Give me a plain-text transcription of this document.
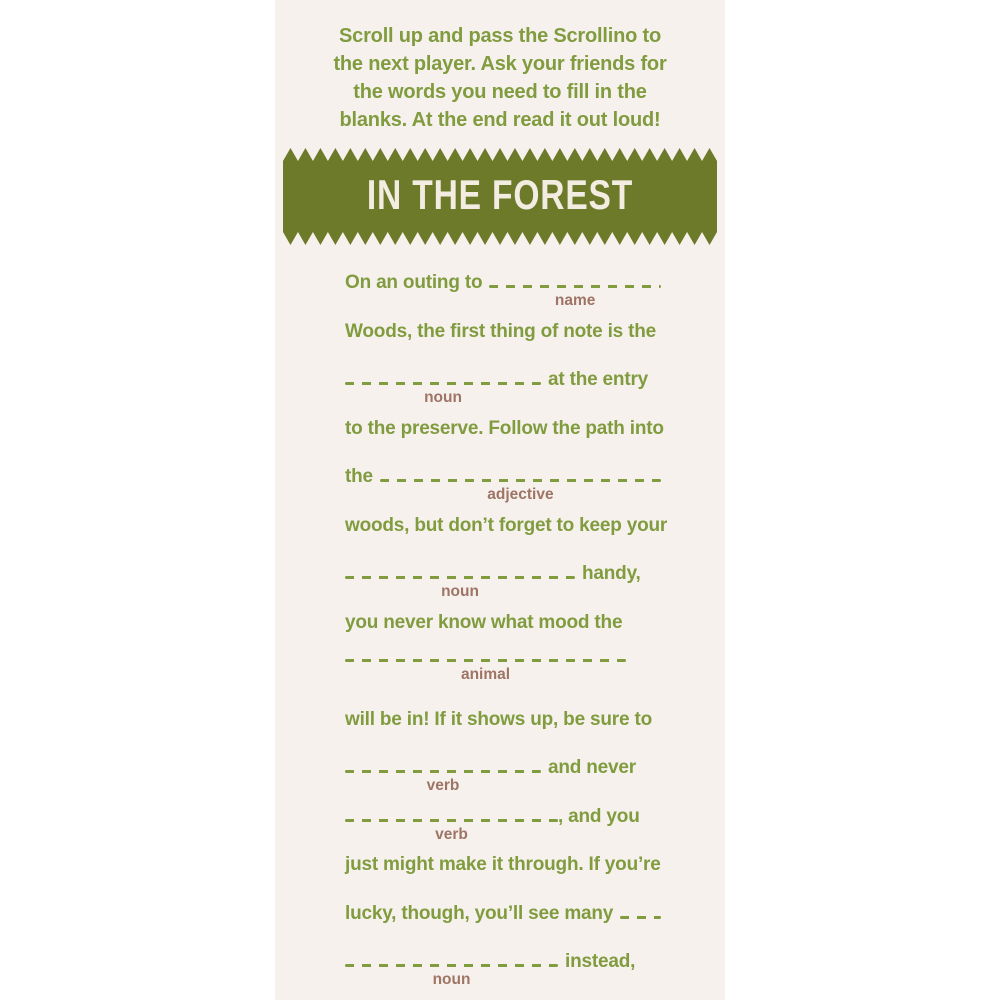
Scroll up and pass the Scrollino to
the next player. Ask your friends for
the words you need to fill in the
blanks. At the end read it out loud!
IN THE FOREST
On an outing to
name
Woods, the first thing of note is the
noun
at the entry
to the preserve. Follow the path into
the
adjective
woods, but don’t forget to keep your
noun
handy,
you never know what mood the
animal
will be in! If it shows up, be sure to
verb
and never
verb
, and you
just might make it through. If you’re
lucky, though, you’ll see many
noun
instead,
